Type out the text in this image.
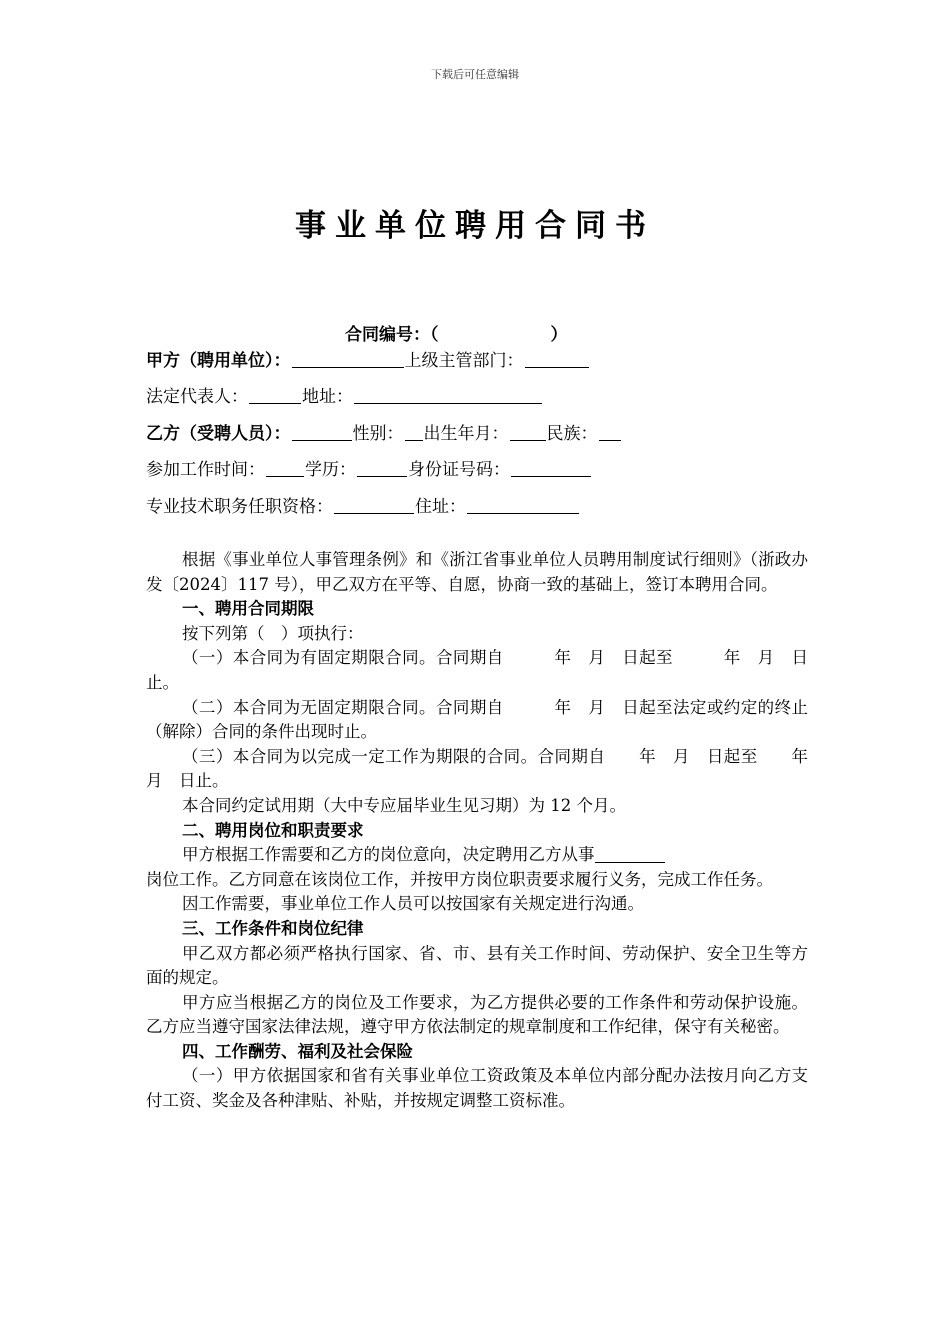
下载后可任意编辑
事业单位聘用合同书
合同编号：（	）
甲方（聘用单位）：	上级主管部门：
法定代表人：	地址：
乙方（受聘人员）：	性别： 出生年月： 民族：
参加工作时间： 学历：	身份证号码：
专业技术职务任职资格：	住址：

根据《事业单位人事管理条例》和《浙江省事业单位人员聘用制度试行细则》（浙政办发〔2024〕117 号），甲乙双方在平等、自愿，协商一致的基础上，签订本聘用合同。

一、聘用合同期限

按下列第（　）项执行：

（一）本合同为有固定期限合同。合同期自　　　年　月　日起至　　　年　月　日止。

（二）本合同为无固定期限合同。合同期自　　　年　月　日起至法定或约定的终止（解除）合同的条件出现时止。

（三）本合同为以完成一定工作为期限的合同。合同期自　　年　月　日起至　　年　月　日止。

本合同约定试用期（大中专应届毕业生见习期）为 12 个月。

二、聘用岗位和职责要求

甲方根据工作需要和乙方的岗位意向，决定聘用乙方从事

岗位工作。乙方同意在该岗位工作，并按甲方岗位职责要求履行义务，完成工作任务。

因工作需要，事业单位工作人员可以按国家有关规定进行沟通。

三、工作条件和岗位纪律

甲乙双方都必须严格执行国家、省、市、县有关工作时间、劳动保护、安全卫生等方面的规定。

甲方应当根据乙方的岗位及工作要求，为乙方提供必要的工作条件和劳动保护设施。乙方应当遵守国家法律法规，遵守甲方依法制定的规章制度和工作纪律，保守有关秘密。

四、工作酬劳、福利及社会保险

（一）甲方依据国家和省有关事业单位工资政策及本单位内部分配办法按月向乙方支付工资、奖金及各种津贴、补贴，并按规定调整工资标准。
